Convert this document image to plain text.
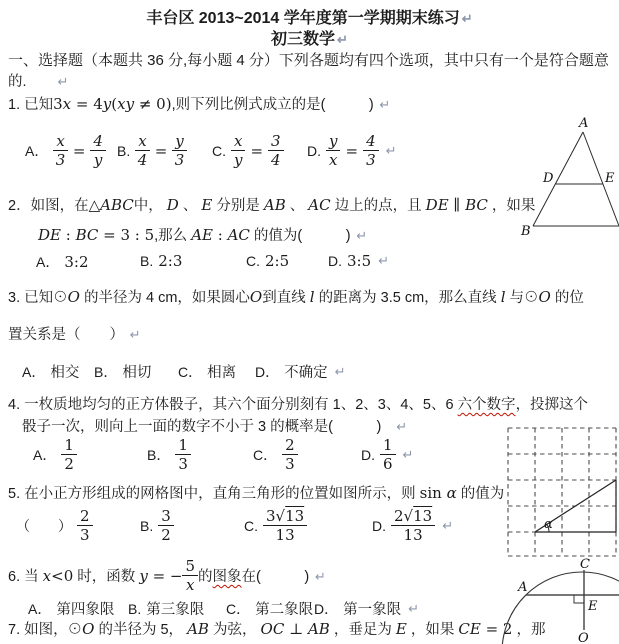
丰台区 2013~2014 学年度第一学期期末练习 ↵
初三数学 ↵
一、选择题（本题共 36 分,每小题 4 分）下列各题均有四个选项，其中只有一个是符合题意
的.　　↵
1. 已知3x = 4y(xy ≠ 0),则下列比例式成立的是(　　　) ↵
A． $\frac{x}{3} = \frac{4}{y} B$. $\frac{x}{4} = \frac{y}{3} C$. $\frac{x}{y} = \frac{3}{4} D$. $\frac{y}{x} = \frac{4}{3}$ ↵
A
B
D	E
2．如图，在△ABC中， D 、 E 分别是 AB 、 AC 边上的点，且 DE ∥ BC ，如果
DE : BC = 3 : 5,那么 AE : AC 的值为(　　　) ↵
A． 3:2	B. 2:3	C. 2:5	D. 3:5 ↵
3. 已知⊙O 的半径为 4 cm，如果圆心O到直线 l 的距离为 3.5 cm，那么直线 l 与⊙O 的位
置关系是（　　） ↵
A． 相交 B． 相切 C． 相离 D． 不确定 ↵
4. 一枚质地均匀的正方体骰子，其六个面分别刻有 1、2、3、4、5、6 六个数字，投掷这个
骰子一次，则向上一面的数字不小于 3 的概率是(　　　)　↵
A． $\frac{1}{2}$	B． $\frac{1}{3}$	C． $\frac{2}{3}$	D. $\frac{1}{6}$ ↵
α
5. 在小正方形组成的网格图中，直角三角形的位置如图所示，则 sin α 的值为
（　　） $\frac{2}{3}$	B. $\frac{3}{2}$	C. $\frac{3√13}{13}$	D. $\frac{2√13}{13}$ ↵
6. 当 x<0 时，函数 y = − $\frac{5}{x}$ 的图象在(　　　) ↵
A． 第四象限 B. 第三象限 C． 第二象限 D． 第一象限 ↵
7. 如图，⊙O 的半径为 5， AB 为弦， OC ⊥ AB ，垂足为 E ，如果 CE = 2 ，那
C
A
E
O
